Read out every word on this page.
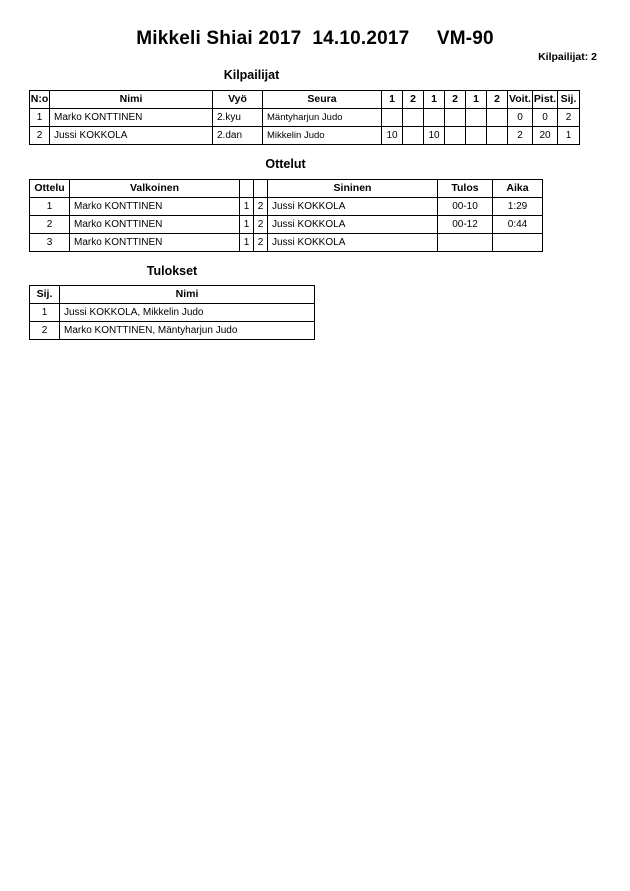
Mikkeli Shiai 2017  14.10.2017     VM-90
Kilpailijat: 2
Kilpailijat
N:o	Nimi	Vyö	Seura	1	2	1	2	1	2	Voit.	Pist.	Sij.
1	Marko KONTTINEN	2.kyu	Mäntyharjun Judo							0	0	2
2	Jussi KOKKOLA	2.dan	Mikkelin Judo	10		10				2	20	1
Ottelut
Ottelu	Valkoinen			Sininen	Tulos	Aika
1	Marko KONTTINEN	1	2	Jussi KOKKOLA	00-10	1:29
2	Marko KONTTINEN	1	2	Jussi KOKKOLA	00-12	0:44
3	Marko KONTTINEN	1	2	Jussi KOKKOLA		
Tulokset
Sij.	Nimi
1	Jussi KOKKOLA, Mikkelin Judo
2	Marko KONTTINEN, Mäntyharjun Judo
